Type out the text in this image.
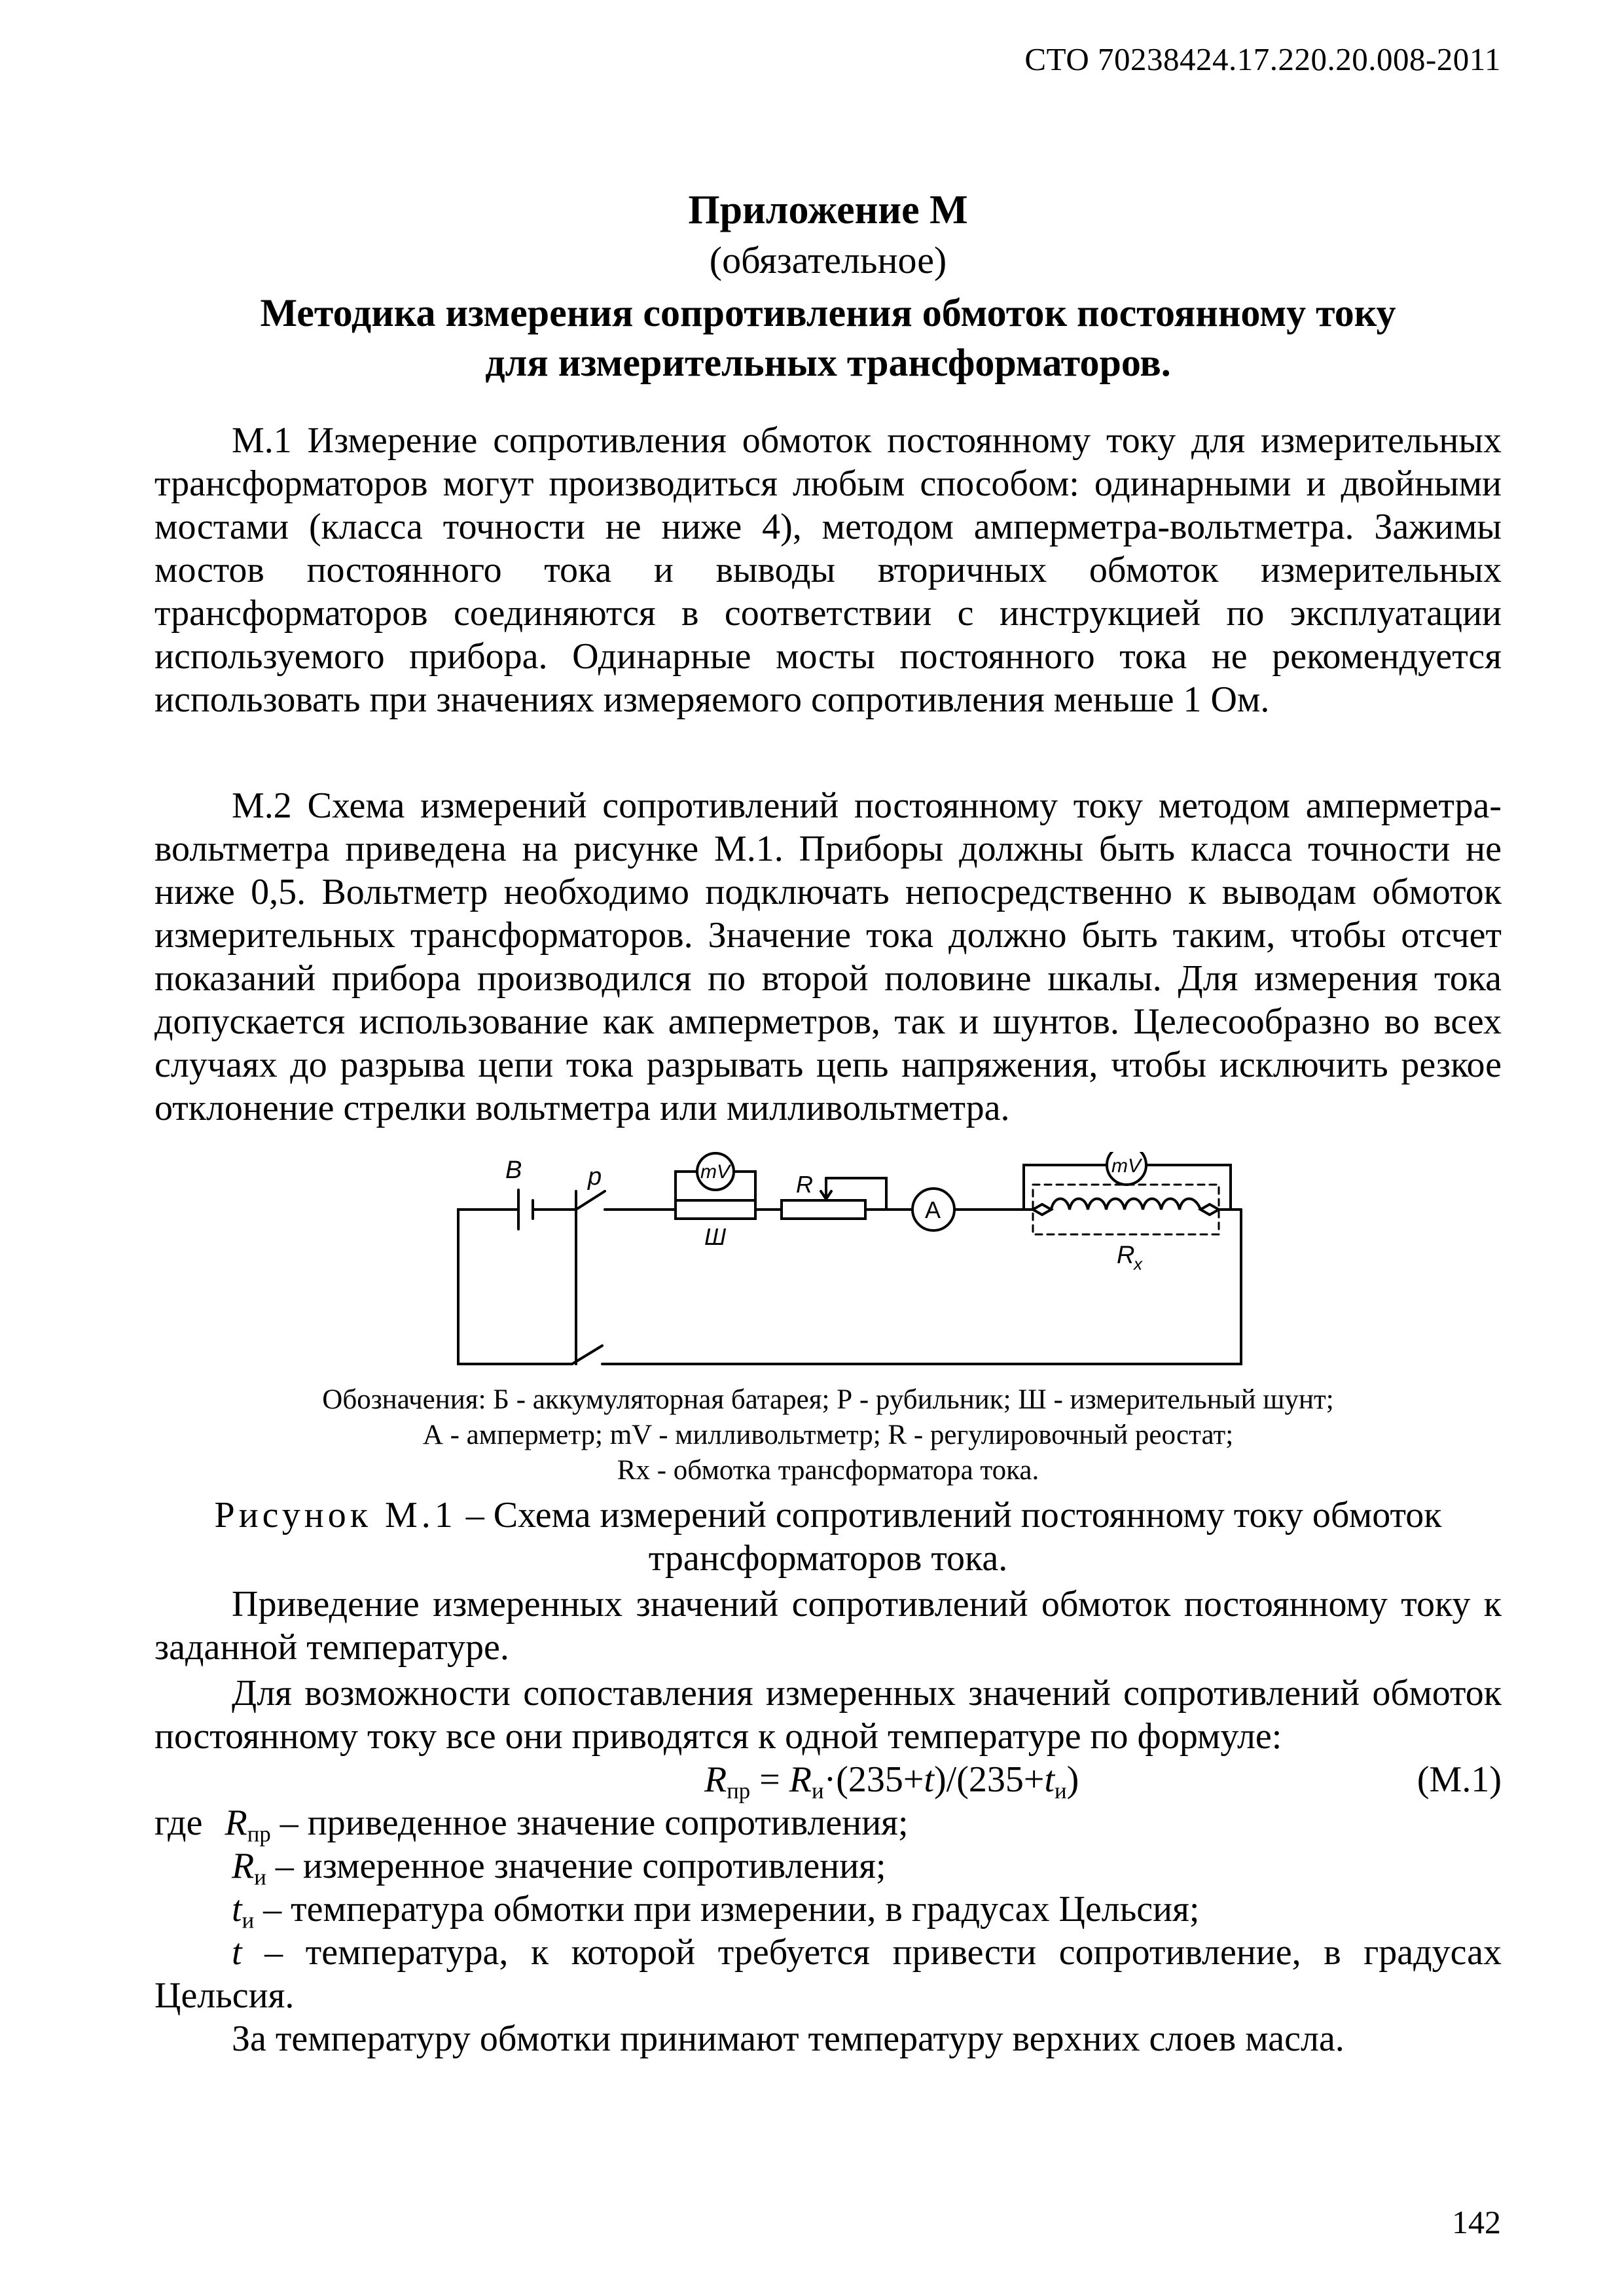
СТО 70238424.17.220.20.008-2011
Приложение М
(обязательное)
Методика измерения сопротивления обмоток постоянному току
для измерительных трансформаторов.
М.1 Измерение сопротивления обмоток постоянному току для измерительных трансформаторов могут производиться любым способом: одинарными и двойными мостами (класса точности не ниже 4), методом амперметра-вольтметра. Зажимы мостов постоянного тока и выводы вторичных обмоток измерительных трансформаторов соединяются в соответствии с инструкцией по эксплуатации используемого прибора. Одинарные мосты постоянного тока не рекомендуется использовать при значениях измеряемого сопротивления меньше 1 Ом.
М.2 Схема измерений сопротивлений постоянному току методом амперметра-вольтметра приведена на рисунке М.1. Приборы должны быть класса точности не ниже 0,5. Вольтметр необходимо подключать непосредственно к выводам обмоток измерительных трансформаторов. Значение тока должно быть таким, чтобы отсчет показаний прибора производился по второй половине шкалы. Для измерения тока допускается использование как амперметров, так и шунтов. Целесообразно во всех случаях до разрыва цепи тока разрывать цепь напряжения, чтобы исключить резкое отклонение стрелки вольтметра или милливольтметра.
B	p	mV
Ш
R
A
mV
R
x
Обозначения: Б - аккумуляторная батарея; Р - рубильник; Ш - измерительный шунт;
А - амперметр; mV - милливольтметр; R - регулировочный реостат;
Rx - обмотка трансформатора тока.
Рисунок М.1 – Схема измерений сопротивлений постоянному току обмоток
трансформаторов тока.
Приведение измеренных значений сопротивлений обмоток постоянному току к заданной температуре.
Для возможности сопоставления измеренных значений сопротивлений обмоток постоянному току все они приводятся к одной температуре по формуле:
$R_{пр} = R_и\cdot(235+t)/(235+t_и)$	(М.1)
где $R_{пр}$ – приведенное значение сопротивления;
$R_и$ – измеренное значение сопротивления;
$t_и$ – температура обмотки при измерении, в градусах Цельсия;
t – температура, к которой требуется привести сопротивление, в градусах Цельсия.
За температуру обмотки принимают температуру верхних слоев масла.
142
